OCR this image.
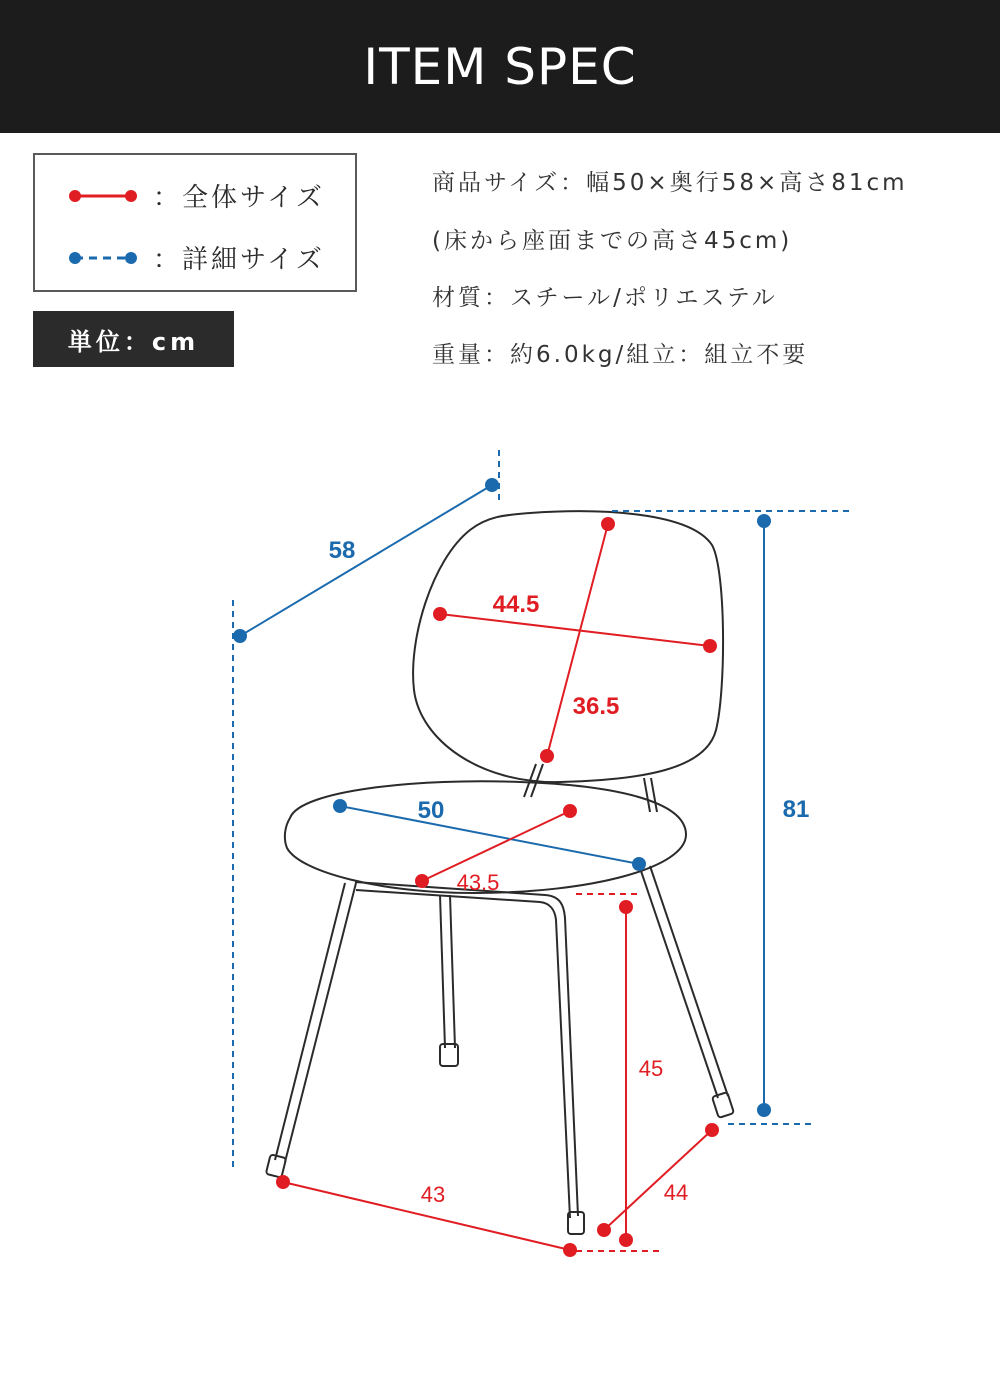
ITEM SPEC
：全体サイズ
：詳細サイズ
単位：cm
商品サイズ：幅50×奥行58×高さ81cm
(床から座面までの高さ45cm)
材質：スチール/ポリエステル
重量：約6.0kg/組立：組立不要
58
81
50
44.5
36.5
43.5
45
43	44
